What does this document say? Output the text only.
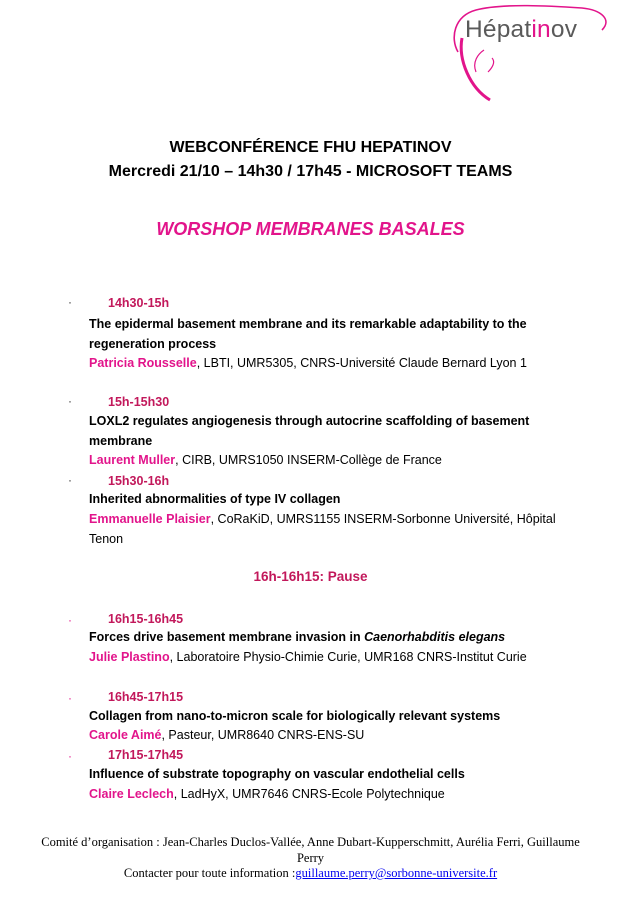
Hépatinov
WEBCONFÉRENCE FHU HEPATINOV
Mercredi 21/10 – 14h30 / 17h45 - MICROSOFT TEAMS
WORSHOP MEMBRANES BASALES
·	14h30-15h
The epidermal basement membrane and its remarkable adaptability to the regeneration process
Patricia Rousselle, LBTI, UMR5305, CNRS-Université Claude Bernard Lyon 1
·	15h-15h30
LOXL2 regulates angiogenesis through autocrine scaffolding of basement membrane
Laurent Muller, CIRB, UMRS1050 INSERM-Collège de France
·	15h30-16h
Inherited abnormalities of type IV collagen
Emmanuelle Plaisier, CoRaKiD, UMRS1155 INSERM-Sorbonne Université, Hôpital Tenon
16h-16h15: Pause
·	16h15-16h45
Forces drive basement membrane invasion in Caenorhabditis elegans
Julie Plastino, Laboratoire Physio-Chimie Curie, UMR168 CNRS-Institut Curie
·	16h45-17h15
Collagen from nano-to-micron scale for biologically relevant systems
Carole Aimé, Pasteur, UMR8640 CNRS-ENS-SU
·	17h15-17h45
Influence of substrate topography on vascular endothelial cells
Claire Leclech, LadHyX, UMR7646 CNRS-Ecole Polytechnique
Comité d’organisation : Jean-Charles Duclos-Vallée, Anne Dubart-Kupperschmitt, Aurélia Ferri, Guillaume Perry
Contacter pour toute information :guillaume.perry@sorbonne-universite.fr
